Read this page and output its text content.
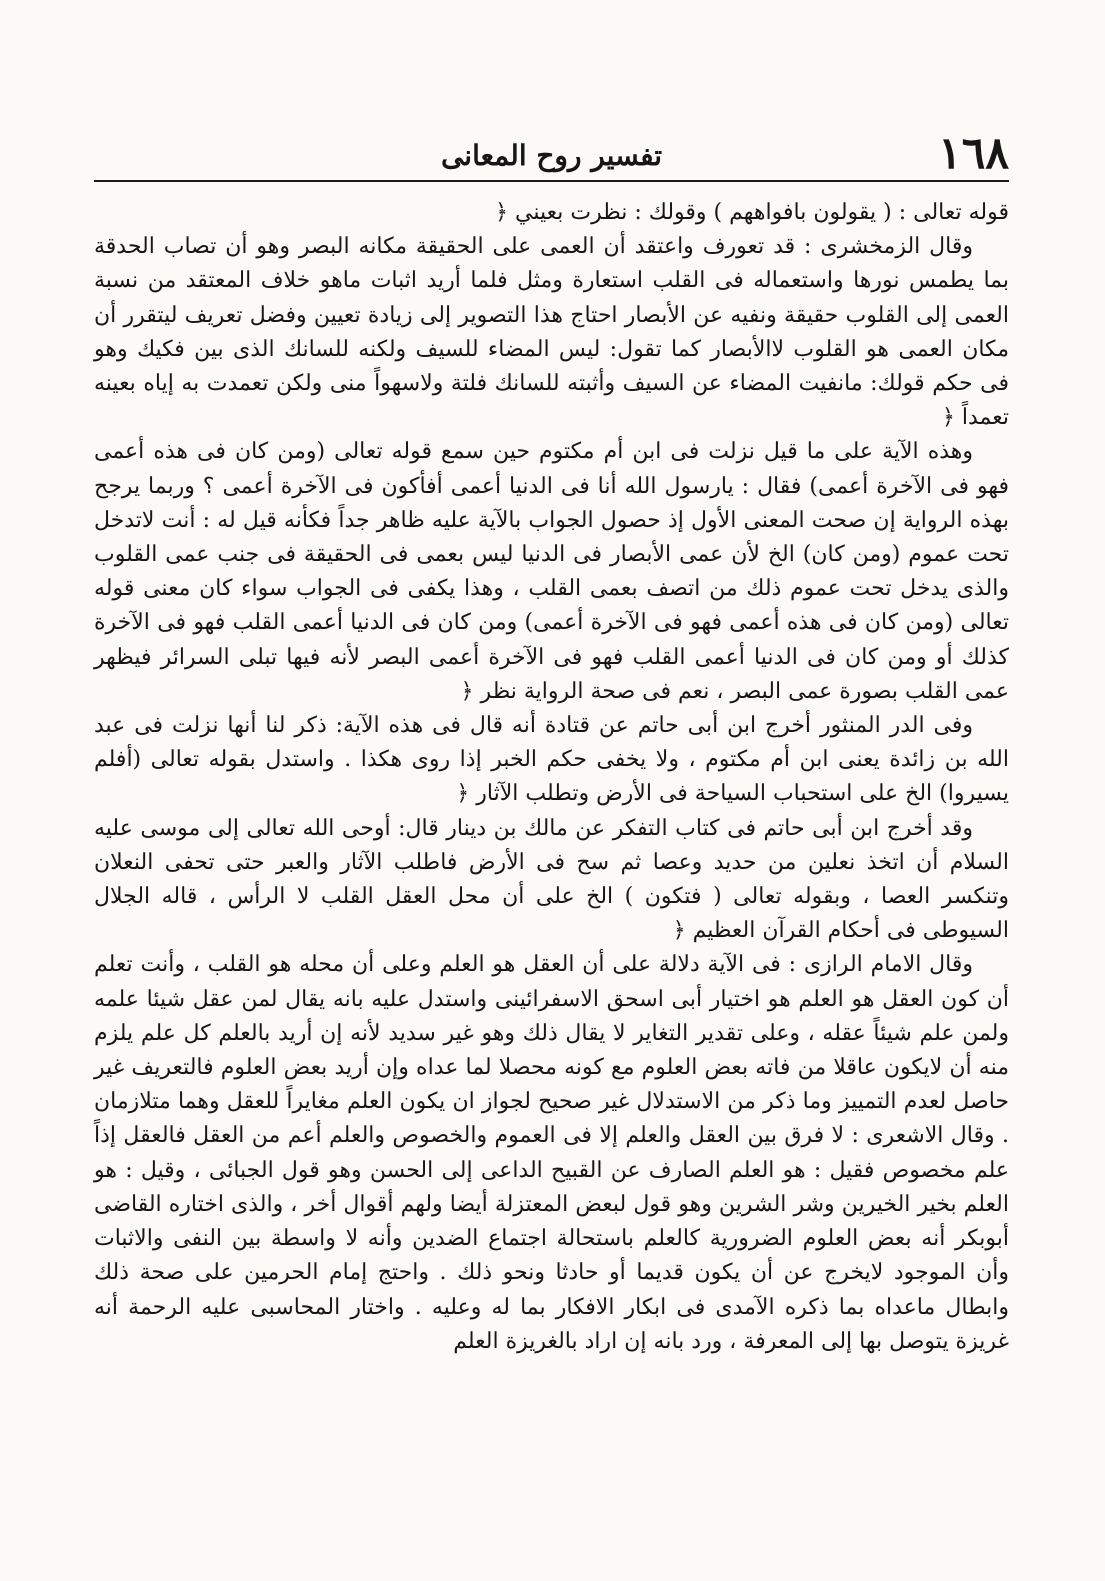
تفسير روح المعانى	١٦٨

قوله تعالى : ( يقولون بافواههم ) وقولك : نظرت بعيني ﴿

وقال الزمخشرى : قد تعورف واعتقد أن العمى على الحقيقة مكانه البصر وهو أن تصاب الحدقة بما يطمس نورها واستعماله فى القلب استعارة ومثل فلما أريد اثبات ماهو خلاف المعتقد من نسبة العمى إلى القلوب حقيقة ونفيه عن الأبصار احتاج هذا التصوير إلى زيادة تعيين وفضل تعريف ليتقرر أن مكان العمى هو القلوب لاالأبصار كما تقول: ليس المضاء للسيف ولكنه للسانك الذى بين فكيك وهو فى حكم قولك: مانفيت المضاء عن السيف وأثبته للسانك فلتة ولاسهواً منى ولكن تعمدت به إياه بعينه تعمداً ﴿

وهذه الآية على ما قيل نزلت فى ابن أم مكتوم حين سمع قوله تعالى (ومن كان فى هذه أعمى فهو فى الآخرة أعمى) فقال : يارسول الله أنا فى الدنيا أعمى أفأكون فى الآخرة أعمى ؟ وربما يرجح بهذه الرواية إن صحت المعنى الأول إذ حصول الجواب بالآية عليه ظاهر جداً فكأنه قيل له : أنت لاتدخل تحت عموم (ومن كان) الخ لأن عمى الأبصار فى الدنيا ليس بعمى فى الحقيقة فى جنب عمى القلوب والذى يدخل تحت عموم ذلك من اتصف بعمى القلب ، وهذا يكفى فى الجواب سواء كان معنى قوله تعالى (ومن كان فى هذه أعمى فهو فى الآخرة أعمى) ومن كان فى الدنيا أعمى القلب فهو فى الآخرة كذلك أو ومن كان فى الدنيا أعمى القلب فهو فى الآخرة أعمى البصر لأنه فيها تبلى السرائر فيظهر عمى القلب بصورة عمى البصر ، نعم فى صحة الرواية نظر ﴿

وفى الدر المنثور أخرج ابن أبى حاتم عن قتادة أنه قال فى هذه الآية: ذكر لنا أنها نزلت فى عبد الله بن زائدة يعنى ابن أم مكتوم ، ولا يخفى حكم الخبر إذا روى هكذا . واستدل بقوله تعالى (أفلم يسيروا) الخ على استحباب السياحة فى الأرض وتطلب الآثار ﴿

وقد أخرج ابن أبى حاتم فى كتاب التفكر عن مالك بن دينار قال: أوحى الله تعالى إلى موسى عليه السلام أن اتخذ نعلين من حديد وعصا ثم سح فى الأرض فاطلب الآثار والعبر حتى تحفى النعلان وتنكسر العصا ، وبقوله تعالى ( فتكون ) الخ على أن محل العقل القلب لا الرأس ، قاله الجلال السيوطى فى أحكام القرآن العظيم ﴿

وقال الامام الرازى : فى الآية دلالة على أن العقل هو العلم وعلى أن محله هو القلب ، وأنت تعلم أن كون العقل هو العلم هو اختيار أبى اسحق الاسفرائينى واستدل عليه بانه يقال لمن عقل شيئا علمه ولمن علم شيئاً عقله ، وعلى تقدير التغاير لا يقال ذلك وهو غير سديد لأنه إن أريد بالعلم كل علم يلزم منه أن لايكون عاقلا من فاته بعض العلوم مع كونه محصلا لما عداه وإن أريد بعض العلوم فالتعريف غير حاصل لعدم التمييز وما ذكر من الاستدلال غير صحيح لجواز ان يكون العلم مغايراً للعقل وهما متلازمان . وقال الاشعرى : لا فرق بين العقل والعلم إلا فى العموم والخصوص والعلم أعم من العقل فالعقل إذاً علم مخصوص فقيل : هو العلم الصارف عن القبيح الداعى إلى الحسن وهو قول الجبائى ، وقيل : هو العلم بخير الخيرين وشر الشرين وهو قول لبعض المعتزلة أيضا ولهم أقوال أخر ، والذى اختاره القاضى أبوبكر أنه بعض العلوم الضرورية كالعلم باستحالة اجتماع الضدين وأنه لا واسطة بين النفى والاثبات وأن الموجود لايخرج عن أن يكون قديما أو حادثا ونحو ذلك . واحتج إمام الحرمين على صحة ذلك وابطال ماعداه بما ذكره الآمدى فى ابكار الافكار بما له وعليه . واختار المحاسبى عليه الرحمة أنه غريزة يتوصل بها إلى المعرفة ، ورد بانه إن اراد بالغريزة العلم
